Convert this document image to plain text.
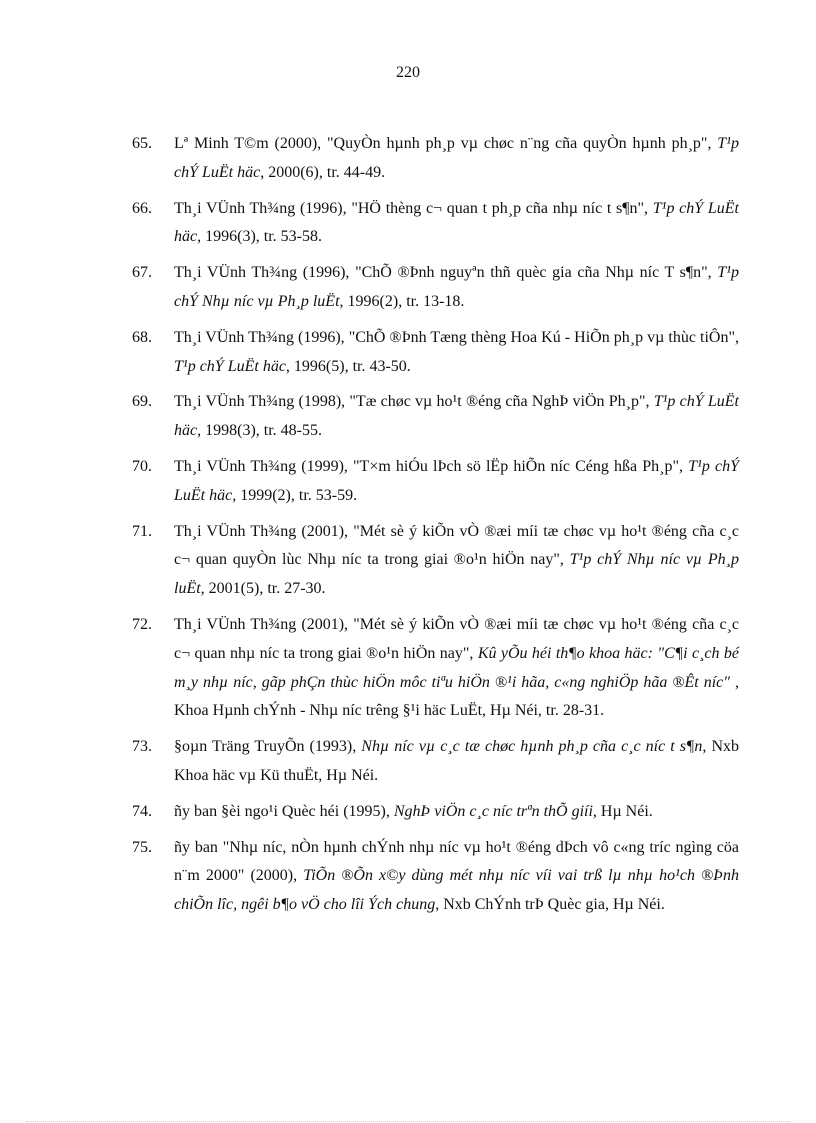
220
65.	Lª Minh T©m (2000), "QuyÒn hµnh ph¸p vµ chøc n¨ng cña quyÒn hµnh ph¸p", T¹p chÝ LuËt häc, 2000(6), tr. 44-49.
66.	Th¸i VÜnh Th¾ng (1996), "HÖ thèng c¬ quan t ph¸p cña nhµ níc t s¶n", T¹p chÝ LuËt häc, 1996(3), tr. 53-58.
67.	Th¸i VÜnh Th¾ng (1996), "ChÕ ®Þnh nguyªn thñ quèc gia cña Nhµ níc T s¶n", T¹p chÝ Nhµ níc vµ Ph¸p luËt, 1996(2), tr. 13-18.
68.	Th¸i VÜnh Th¾ng (1996), "ChÕ ®Þnh Tæng thèng Hoa Kú - HiÕn ph¸p vµ thùc tiÔn", T¹p chÝ LuËt häc, 1996(5), tr. 43-50.
69.	Th¸i VÜnh Th¾ng (1998), "Tæ chøc vµ ho¹t ®éng cña NghÞ viÖn Ph¸p", T¹p chÝ LuËt häc, 1998(3), tr. 48-55.
70.	Th¸i VÜnh Th¾ng (1999), "T×m hiÓu lÞch sö lËp hiÕn níc Céng hßa Ph¸p", T¹p chÝ LuËt häc, 1999(2), tr. 53-59.
71.	Th¸i VÜnh Th¾ng (2001), "Mét sè ý kiÕn vÒ ®æi míi tæ chøc vµ ho¹t ®éng cña c¸c c¬ quan quyÒn lùc Nhµ níc ta trong giai ®o¹n hiÖn nay", T¹p chÝ Nhµ níc vµ Ph¸p luËt, 2001(5), tr. 27-30.
72.	Th¸i VÜnh Th¾ng (2001), "Mét sè ý kiÕn vÒ ®æi míi tæ chøc vµ ho¹t ®éng cña c¸c c¬ quan nhµ níc ta trong giai ®o¹n hiÖn nay", Kû yÕu héi th¶o khoa häc: "C¶i c¸ch bé m¸y nhµ níc, gãp phÇn thùc hiÖn môc tiªu hiÖn ®¹i hãa, c«ng nghiÖp hãa ®Êt níc" , Khoa Hµnh chÝnh - Nhµ níc trêng §¹i häc LuËt, Hµ Néi, tr. 28-31.
73.	§oµn Träng TruyÕn (1993), Nhµ níc vµ c¸c tæ chøc hµnh ph¸p cña c¸c níc t s¶n, Nxb Khoa häc vµ Kü thuËt, Hµ Néi.
74.	ñy ban §èi ngo¹i Quèc héi (1995), NghÞ viÖn c¸c níc trªn thÕ giíi, Hµ Néi.
75.	ñy ban "Nhµ níc, nÒn hµnh chÝnh nhµ níc vµ ho¹t ®éng dÞch vô c«ng tríc ngìng cöa n¨m 2000" (2000), TiÕn ®Õn x©y dùng mét nhµ níc víi vai trß lµ nhµ ho¹ch ®Þnh chiÕn lîc, ngêi b¶o vÖ cho lîi Ých chung, Nxb ChÝnh trÞ Quèc gia, Hµ Néi.
